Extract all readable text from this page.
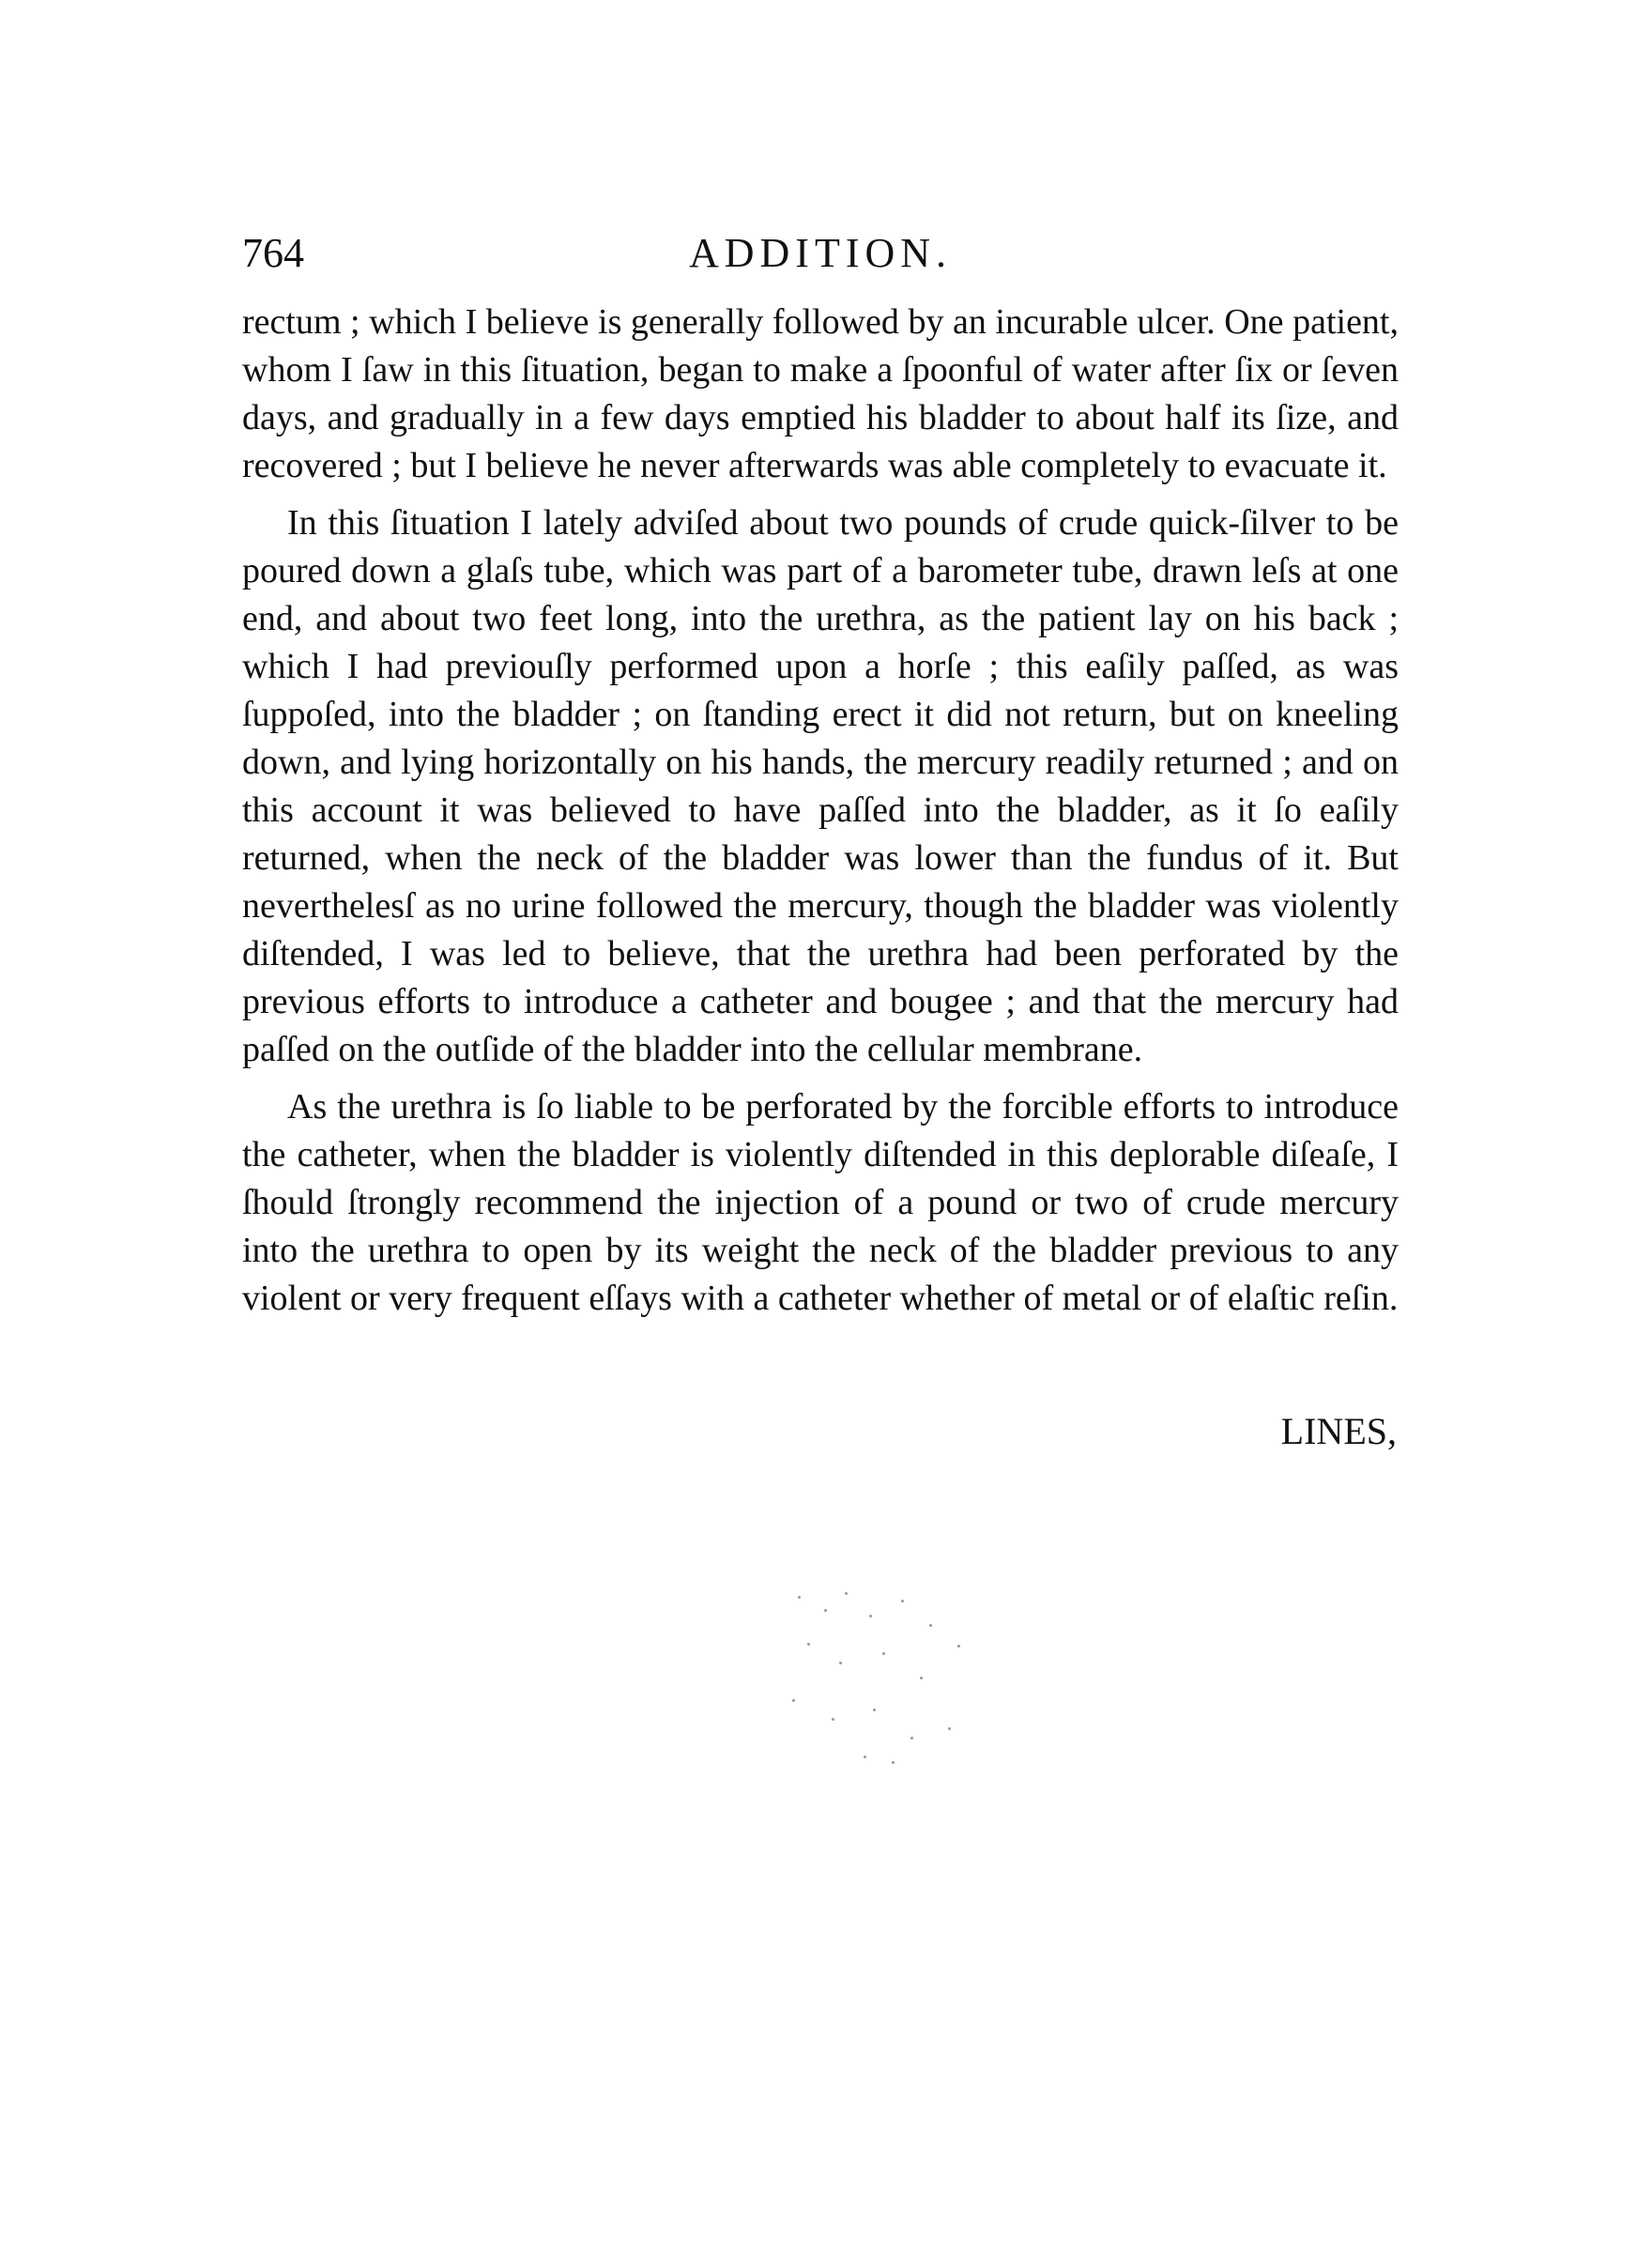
764	ADDITION.

rectum ; which I believe is generally followed by an incurable ulcer. One patient, whom I ſaw in this ſituation, began to make a ſpoonful of water after ſix or ſeven days, and gradually in a few days emptied his bladder to about half its ſize, and recovered ; but I believe he never afterwards was able completely to evacuate it.

In this ſituation I lately adviſed about two pounds of crude quick-ſilver to be poured down a glaſs tube, which was part of a barometer tube, drawn leſs at one end, and about two feet long, into the urethra, as the patient lay on his back ; which I had previouſly performed upon a horſe ; this eaſily paſſed, as was ſuppoſed, into the bladder ; on ſtanding erect it did not return, but on kneeling down, and lying horizontally on his hands, the mercury readily returned ; and on this account it was believed to have paſſed into the bladder, as it ſo eaſily returned, when the neck of the bladder was lower than the fundus of it. But neverthelesſ as no urine followed the mercury, though the bladder was violently diſtended, I was led to believe, that the urethra had been perforated by the previous efforts to introduce a catheter and bougee ; and that the mercury had paſſed on the outſide of the bladder into the cellular membrane.

As the urethra is ſo liable to be perforated by the forcible efforts to introduce the catheter, when the bladder is violently diſtended in this deplorable diſeaſe, I ſhould ſtrongly recommend the injection of a pound or two of crude mercury into the urethra to open by its weight the neck of the bladder previous to any violent or very frequent eſſays with a catheter whether of metal or of elaſtic reſin.

LINES,
